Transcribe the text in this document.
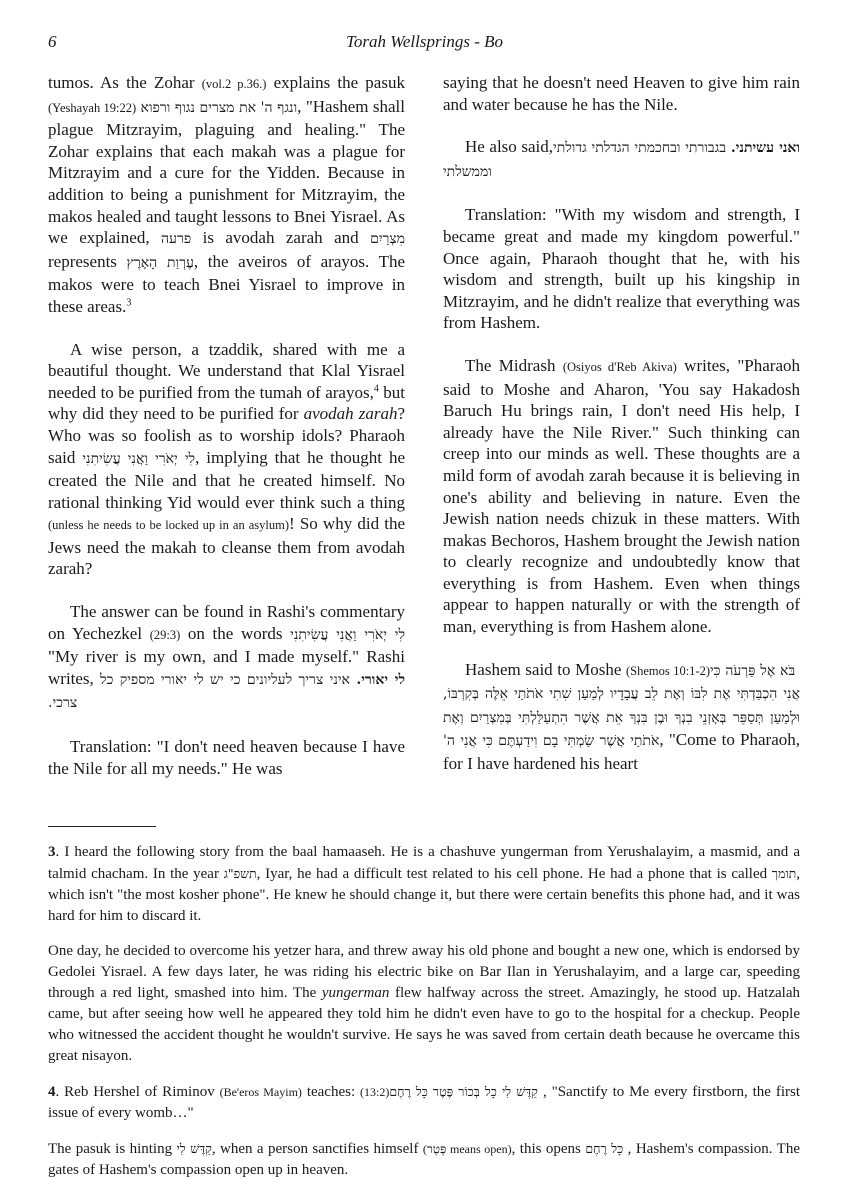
6	Torah Wellsprings - Bo

tumos. As the Zohar (vol.2 p.36.) explains the pasuk (Yeshayah 19:22) ונגף ה' את מצרים נגוף ורפוא, "Hashem shall plague Mitzrayim, plaguing and healing." The Zohar explains that each makah was a plague for Mitzrayim and a cure for the Yidden. Because in addition to being a punishment for Mitzrayim, the makos healed and taught lessons to Bnei Yisrael. As we explained, פרעה is avodah zarah and מִצְרַיִם represents עֶרְוַת הָאָרֶץ, the aveiros of arayos. The makos were to teach Bnei Yisrael to improve in these areas.$^3$

A wise person, a tzaddik, shared with me a beautiful thought. We understand that Klal Yisrael needed to be purified from the tumah of arayos,$^4$ but why did they need to be purified for avodah zarah? Who was so foolish as to worship idols? Pharaoh said לִי יְאֹרִי וַאֲנִי עֲשִׂיתִנִי, implying that he thought he created the Nile and that he created himself. No rational thinking Yid would ever think such a thing (unless he needs to be locked up in an asylum)! So why did the Jews need the makah to cleanse them from avodah zarah?

The answer can be found in Rashi's commentary on Yechezkel (29:3) on the words לִי יְאֹרִי וַאֲנִי עֲשִׂיתִנִי "My river is my own, and I made myself." Rashi writes,	לי יאורי. איני צריך לעליונים כי יש לי יאורי מספיק כל צרכי.

Translation: "I don't need heaven because I have the Nile for all my needs." He was

saying that he doesn't need Heaven to give him rain and water because he has the Nile.

He also said,	ואני עשיתני. בגבורתי ובחכמתי הגדלתי גדולתי וממשלתי

Translation: "With my wisdom and strength, I became great and made my kingdom powerful." Once again, Pharaoh thought that he, with his wisdom and strength, built up his kingship in Mitzrayim, and he didn't realize that everything was from Hashem.

The Midrash (Osiyos d'Reb Akiva) writes, "Pharaoh said to Moshe and Aharon, 'You say Hakadosh Baruch Hu brings rain, I don't need His help, I already have the Nile River." Such thinking can creep into our minds as well. These thoughts are a mild form of avodah zarah because it is believing in one's ability and believing in nature. Even the Jewish nation needs chizuk in these matters. With makas Bechoros, Hashem brought the Jewish nation to clearly recognize and undoubtedly know that everything is from Hashem. Even when things appear to happen naturally or with the strength of man, everything is from Hashem alone.

Hashem said to Moshe (Shemos 10:1-2) בֹּא אֶל פַּרְעֹה כִּי אֲנִי הִכְבַּדְתִּי אֶת לִבּוֹ וְאֶת לֵב עֲבָדָיו לְמַעַן שִׁתִי אֹתֹתַי אֵלֶּה בְּקִרְבּוֹ, וּלְמַעַן תְּסַפֵּר בְּאָזְנֵי בִנְךָ וּבֶן בִּנְךָ אֵת אֲשֶׁר הִתְעַלַּלְתִּי בְּמִצְרַיִם וְאֶת אֹתֹתַי אֲשֶׁר שַׂמְתִּי בָם וִידַעְתֶּם כִּי אֲנִי ה', "Come to Pharaoh, for I have hardened his heart

3. I heard the following story from the baal hamaaseh. He is a chashuve yungerman from Yerushalayim, a masmid, and a talmid chacham. In the year תשפ"ג, Iyar, he had a difficult test related to his cell phone. He had a phone that is called תומך, which isn't "the most kosher phone". He knew he should change it, but there were certain benefits this phone had, and it was hard for him to discard it.

One day, he decided to overcome his yetzer hara, and threw away his old phone and bought a new one, which is endorsed by Gedolei Yisrael. A few days later, he was riding his electric bike on Bar Ilan in Yerushalayim, and a large car, speeding through a red light, smashed into him. The yungerman flew halfway across the street. Amazingly, he stood up. Hatzalah came, but after seeing how well he appeared they told him he didn't even have to go to the hospital for a checkup. People who witnessed the accident thought he wouldn't survive. He says he was saved from certain death because he overcame this great nisayon.

4. Reb Hershel of Riminov (Be'eros Mayim) teaches: (13:2) קַדֶּשׁ לִי כָל בְּכוֹר פֶּטֶר כָּל רֶחֶם, "Sanctify to Me every firstborn, the first issue of every womb…"

The pasuk is hinting קַדֶּשׁ לִי, when a person sanctifies himself (פֶּטֶר means open), this opens כָּל רֶחֶם , Hashem's compassion. The gates of Hashem's compassion open up in heaven.
